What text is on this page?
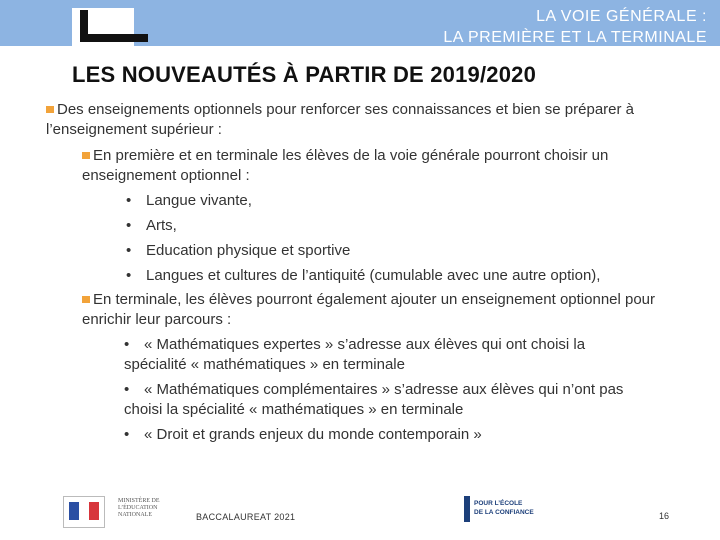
LA VOIE GÉNÉRALE :
LA PREMIÈRE ET LA TERMINALE
LES NOUVEAUTÉS À PARTIR DE 2019/2020
Des enseignements optionnels pour renforcer ses connaissances et bien se préparer à l’enseignement supérieur :
En première et en terminale les élèves de la voie générale pourront choisir un enseignement optionnel :
• Langue vivante,
• Arts,
• Education physique et sportive
• Langues et cultures de l’antiquité (cumulable avec une autre option),
En terminale, les élèves pourront également ajouter un enseignement optionnel pour enrichir leur parcours :
• « Mathématiques expertes » s’adresse aux élèves qui ont choisi la spécialité « mathématiques » en terminale
• « Mathématiques complémentaires » s’adresse aux élèves qui n’ont pas choisi la spécialité « mathématiques » en terminale
• « Droit et grands enjeux du monde contemporain »
MINISTÈRE DE L’ÉDUCATION NATIONALE	BACCALAUREAT 2021
POUR L’ÉCOLE
DE LA CONFIANCE	16
